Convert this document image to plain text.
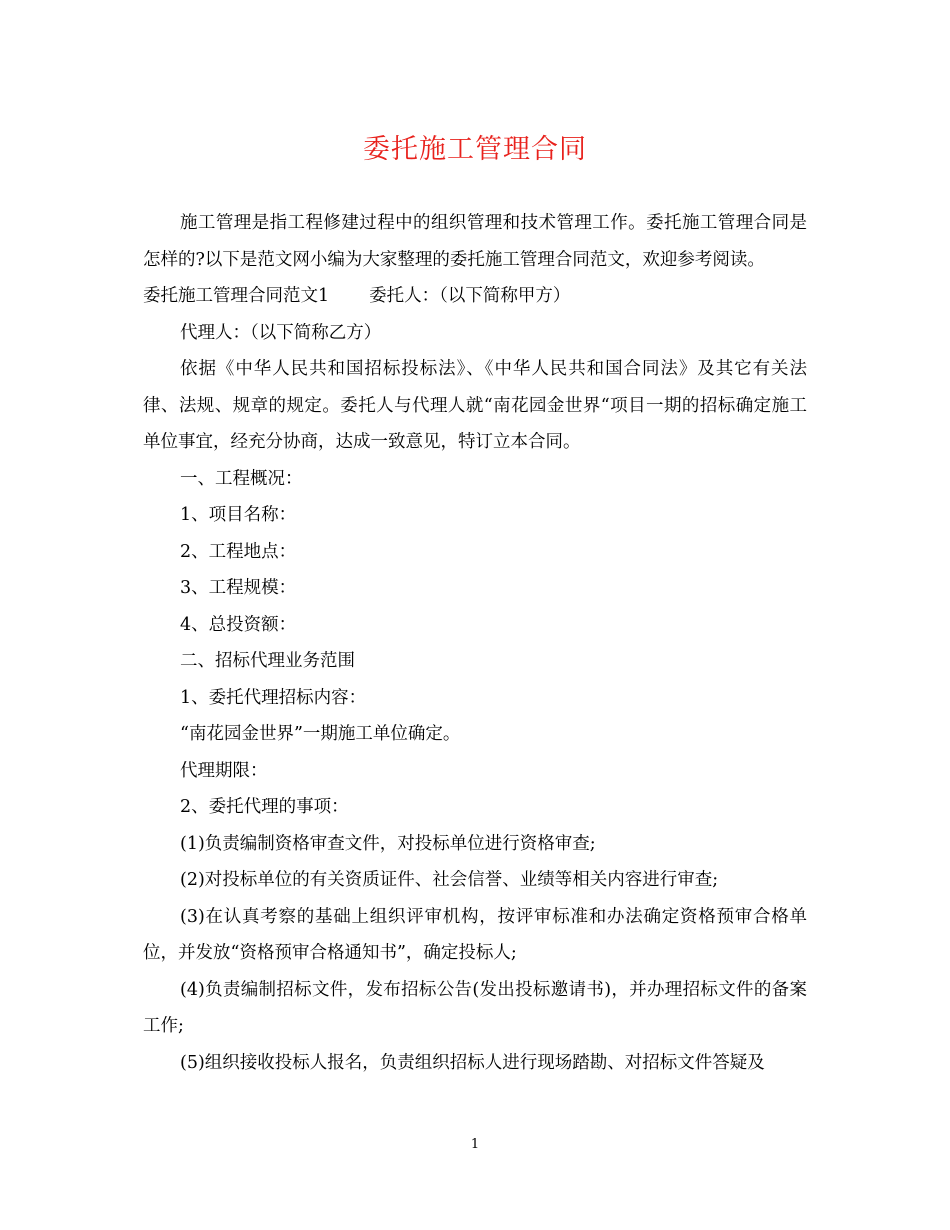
委托施工管理合同

施工管理是指工程修建过程中的组织管理和技术管理工作。委托施工管理合同是怎样的?以下是范文网小编为大家整理的委托施工管理合同范文，欢迎参考阅读。

委托施工管理合同范文1 委托人：（以下简称甲方）

代理人：（以下简称乙方）

依据《中华人民共和国招标投标法》、《中华人民共和国合同法》及其它有关法律、法规、规章的规定。委托人与代理人就“南花园金世界“项目一期的招标确定施工单位事宜，经充分协商，达成一致意见，特订立本合同。

一、工程概况：

1、项目名称：

2、工程地点：

3、工程规模：

4、总投资额：

二、招标代理业务范围

1、委托代理招标内容：

“南花园金世界”一期施工单位确定。

代理期限：

2、委托代理的事项：

(1)负责编制资格审查文件，对投标单位进行资格审查;

(2)对投标单位的有关资质证件、社会信誉、业绩等相关内容进行审查;

(3)在认真考察的基础上组织评审机构，按评审标准和办法确定资格预审合格单位，并发放“资格预审合格通知书”，确定投标人;

(4)负责编制招标文件，发布招标公告(发出投标邀请书)，并办理招标文件的备案工作;

(5)组织接收投标人报名，负责组织招标人进行现场踏勘、对招标文件答疑及

1
